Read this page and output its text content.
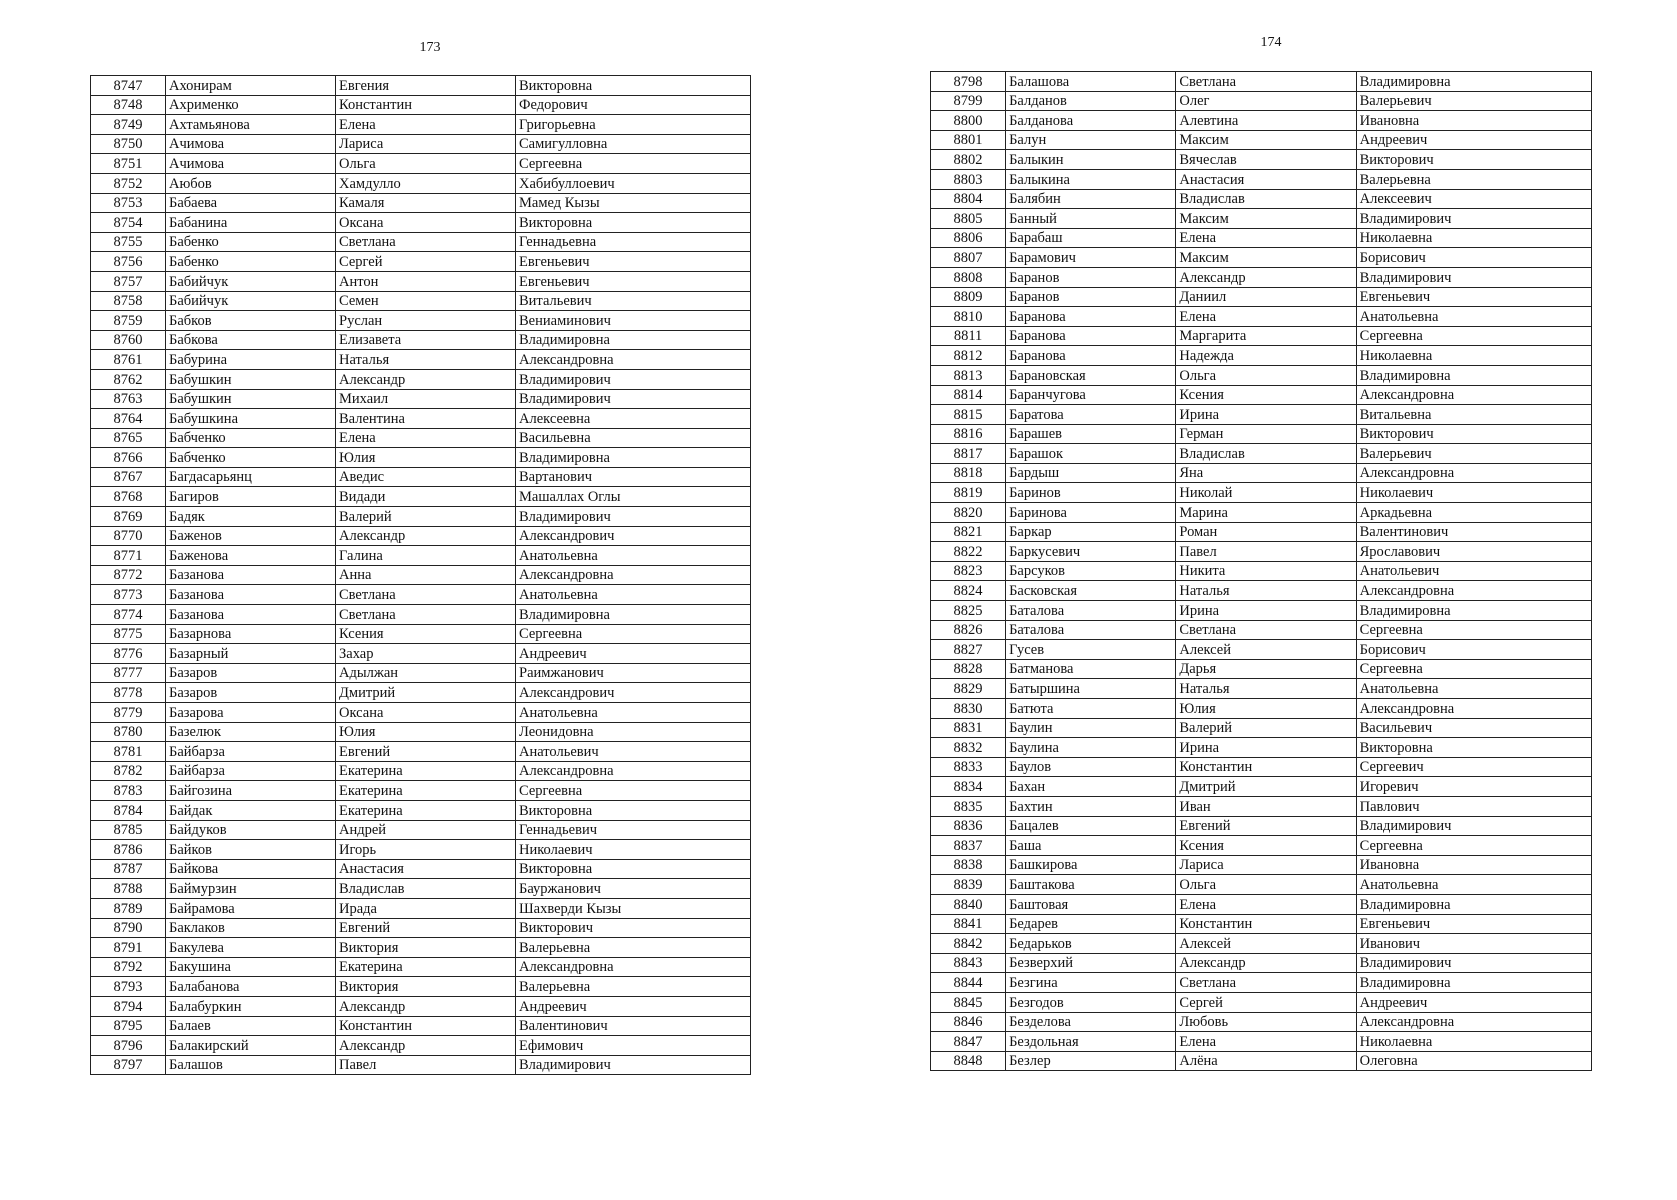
173
8747	Ахонирам	Евгения	Викторовна
8748	Ахрименко	Константин	Федорович
8749	Ахтамьянова	Елена	Григорьевна
8750	Ачимова	Лариса	Самигулловна
8751	Ачимова	Ольга	Сергеевна
8752	Аюбов	Хамдулло	Хабибуллоевич
8753	Бабаева	Камаля	Мамед Кызы
8754	Бабанина	Оксана	Викторовна
8755	Бабенко	Светлана	Геннадьевна
8756	Бабенко	Сергей	Евгеньевич
8757	Бабийчук	Антон	Евгеньевич
8758	Бабийчук	Семен	Витальевич
8759	Бабков	Руслан	Вениаминович
8760	Бабкова	Елизавета	Владимировна
8761	Бабурина	Наталья	Александровна
8762	Бабушкин	Александр	Владимирович
8763	Бабушкин	Михаил	Владимирович
8764	Бабушкина	Валентина	Алексеевна
8765	Бабченко	Елена	Васильевна
8766	Бабченко	Юлия	Владимировна
8767	Багдасарьянц	Аведис	Вартанович
8768	Багиров	Видади	Машаллах Оглы
8769	Бадяк	Валерий	Владимирович
8770	Баженов	Александр	Александрович
8771	Баженова	Галина	Анатольевна
8772	Базанова	Анна	Александровна
8773	Базанова	Светлана	Анатольевна
8774	Базанова	Светлана	Владимировна
8775	Базарнова	Ксения	Сергеевна
8776	Базарный	Захар	Андреевич
8777	Базаров	Адылжан	Раимжанович
8778	Базаров	Дмитрий	Александрович
8779	Базарова	Оксана	Анатольевна
8780	Базелюк	Юлия	Леонидовна
8781	Байбарза	Евгений	Анатольевич
8782	Байбарза	Екатерина	Александровна
8783	Байгозина	Екатерина	Сергеевна
8784	Байдак	Екатерина	Викторовна
8785	Байдуков	Андрей	Геннадьевич
8786	Байков	Игорь	Николаевич
8787	Байкова	Анастасия	Викторовна
8788	Баймурзин	Владислав	Бауржанович
8789	Байрамова	Ирада	Шахверди Кызы
8790	Баклаков	Евгений	Викторович
8791	Бакулева	Виктория	Валерьевна
8792	Бакушина	Екатерина	Александровна
8793	Балабанова	Виктория	Валерьевна
8794	Балабуркин	Александр	Андреевич
8795	Балаев	Константин	Валентинович
8796	Балакирский	Александр	Ефимович
8797	Балашов	Павел	Владимирович
174
8798	Балашова	Светлана	Владимировна
8799	Балданов	Олег	Валерьевич
8800	Балданова	Алевтина	Ивановна
8801	Балун	Максим	Андреевич
8802	Балыкин	Вячеслав	Викторович
8803	Балыкина	Анастасия	Валерьевна
8804	Балябин	Владислав	Алексеевич
8805	Банный	Максим	Владимирович
8806	Барабаш	Елена	Николаевна
8807	Барамович	Максим	Борисович
8808	Баранов	Александр	Владимирович
8809	Баранов	Даниил	Евгеньевич
8810	Баранова	Елена	Анатольевна
8811	Баранова	Маргарита	Сергеевна
8812	Баранова	Надежда	Николаевна
8813	Барановская	Ольга	Владимировна
8814	Баранчугова	Ксения	Александровна
8815	Баратова	Ирина	Витальевна
8816	Барашев	Герман	Викторович
8817	Барашок	Владислав	Валерьевич
8818	Бардыш	Яна	Александровна
8819	Баринов	Николай	Николаевич
8820	Баринова	Марина	Аркадьевна
8821	Баркар	Роман	Валентинович
8822	Баркусевич	Павел	Ярославович
8823	Барсуков	Никита	Анатольевич
8824	Басковская	Наталья	Александровна
8825	Баталова	Ирина	Владимировна
8826	Баталова	Светлана	Сергеевна
8827	Гусев	Алексей	Борисович
8828	Батманова	Дарья	Сергеевна
8829	Батыршина	Наталья	Анатольевна
8830	Батюта	Юлия	Александровна
8831	Баулин	Валерий	Васильевич
8832	Баулина	Ирина	Викторовна
8833	Баулов	Константин	Сергеевич
8834	Бахан	Дмитрий	Игоревич
8835	Бахтин	Иван	Павлович
8836	Бацалев	Евгений	Владимирович
8837	Баша	Ксения	Сергеевна
8838	Башкирова	Лариса	Ивановна
8839	Баштакова	Ольга	Анатольевна
8840	Баштовая	Елена	Владимировна
8841	Бедарев	Константин	Евгеньевич
8842	Бедарьков	Алексей	Иванович
8843	Безверхий	Александр	Владимирович
8844	Безгина	Светлана	Владимировна
8845	Безгодов	Сергей	Андреевич
8846	Безделова	Любовь	Александровна
8847	Бездольная	Елена	Николаевна
8848	Безлер	Алёна	Олеговна
